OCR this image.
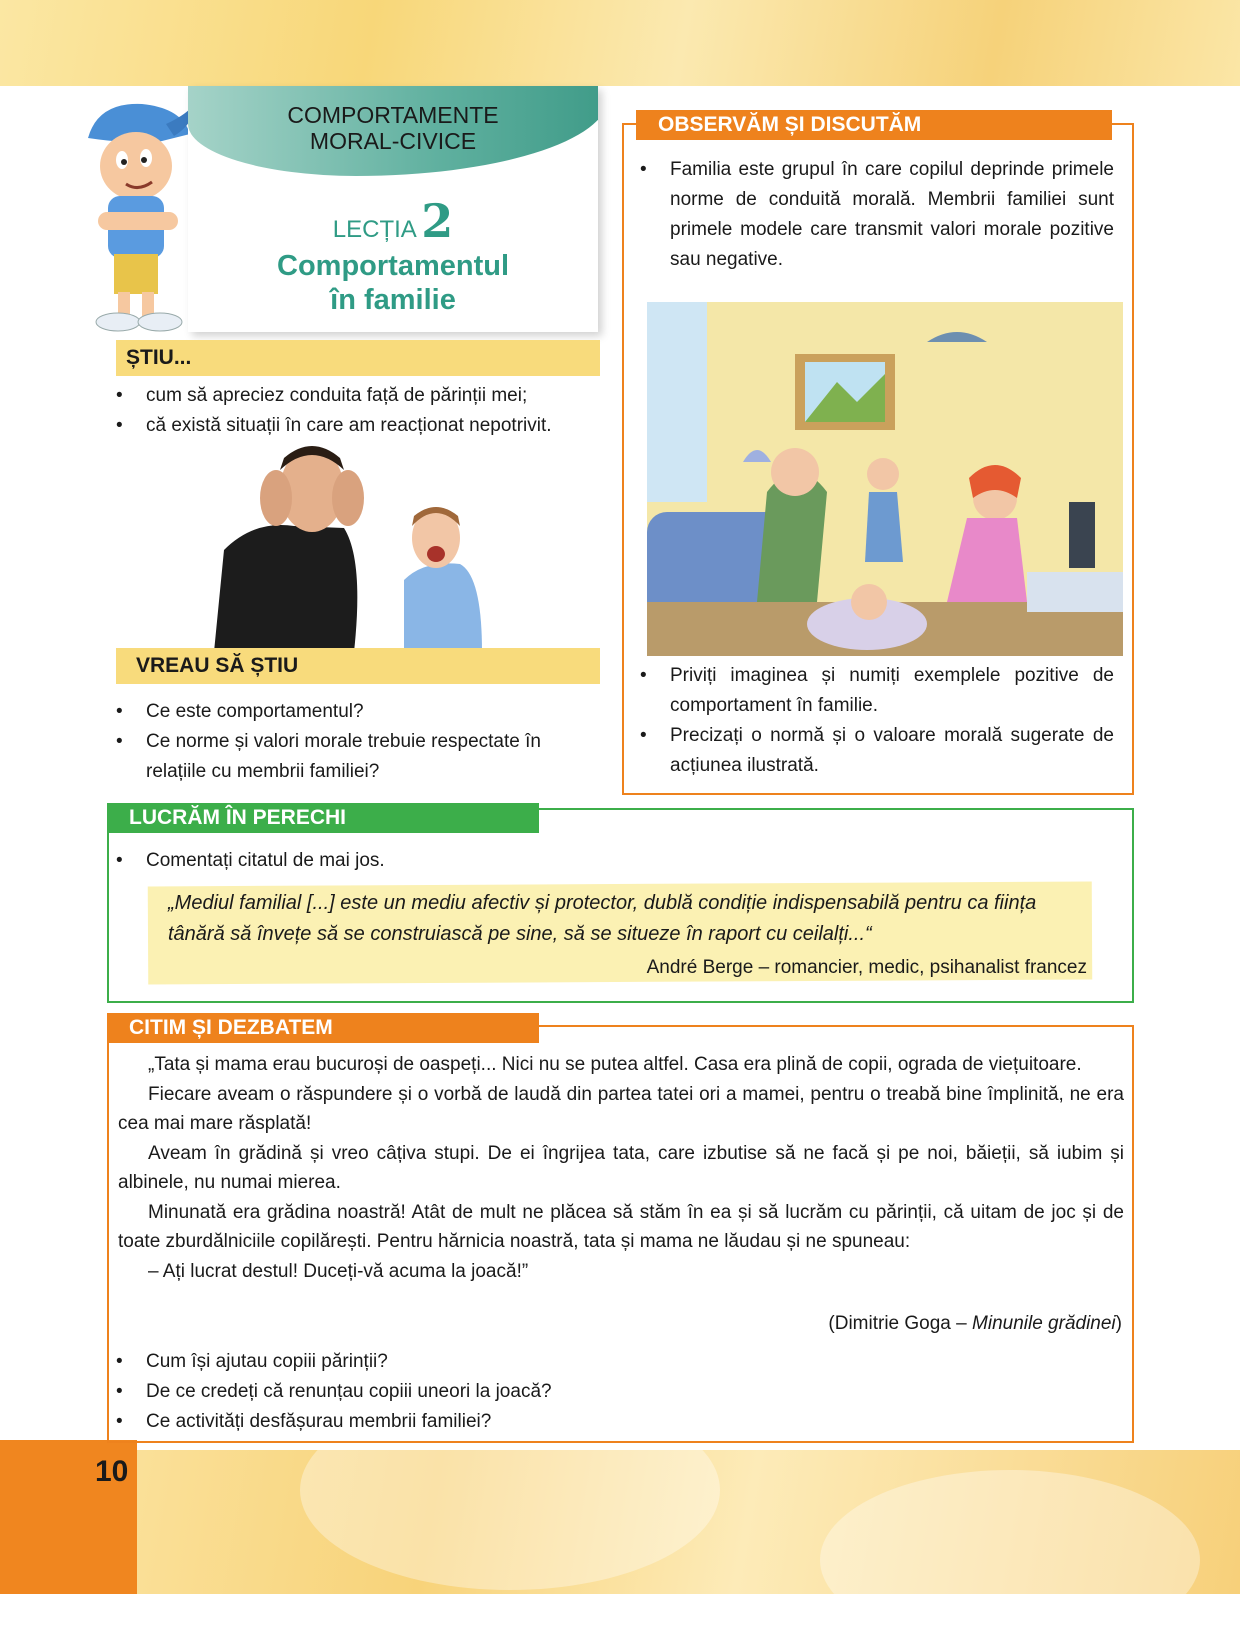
10
COMPORTAMENTE
MORAL-CIVICE
LECȚIA 2
Comportamentul
în familie
ȘTIU...
• cum să apreciez conduita față de părinții mei;
• că există situații în care am reacționat nepotrivit.
VREAU SĂ ȘTIU
• Ce este comportamentul?
• Ce norme și valori morale trebuie respectate în relațiile cu membrii familiei?
OBSERVĂM ȘI DISCUTĂM
• Familia este grupul în care copilul deprinde primele norme de conduită morală. Membrii familiei sunt primele modele care transmit valori morale pozitive sau negative.
• Priviți imaginea și numiți exemplele pozitive de comportament în familie.
• Precizați o normă și o valoare morală sugerate de acțiunea ilustrată.
LUCRĂM ÎN PERECHI
• Comentați citatul de mai jos.
„Mediul familial [...] este un mediu afectiv și protector, dublă condiție indispensabilă pentru ca ființa tânără să învețe să se construiască pe sine, să se situeze în raport cu ceilalți...“
André Berge – romancier, medic, psihanalist francez
CITIM ȘI DEZBATEM

„Tata și mama erau bucuroși de oaspeți... Nici nu se putea altfel. Casa era plină de copii, ograda de viețuitoare.

Fiecare aveam o răspundere și o vorbă de laudă din partea tatei ori a mamei, pentru o treabă bine împlinită, ne era cea mai mare răsplată!

Aveam în grădină și vreo câțiva stupi. De ei îngrijea tata, care izbutise să ne facă și pe noi, băieții, să iubim și albinele, nu numai mierea.

Minunată era grădina noastră! Atât de mult ne plăcea să stăm în ea și să lucrăm cu părinții, că uitam de joc și de toate zburdălniciile copilărești. Pentru hărnicia noastră, tata și mama ne lăudau și ne spuneau:

– Ați lucrat destul! Duceți-vă acuma la joacă!”

(Dimitrie Goga – Minunile grădinei)
• Cum își ajutau copiii părinții?
• De ce credeți că renunțau copiii uneori la joacă?
• Ce activități desfășurau membrii familiei?
